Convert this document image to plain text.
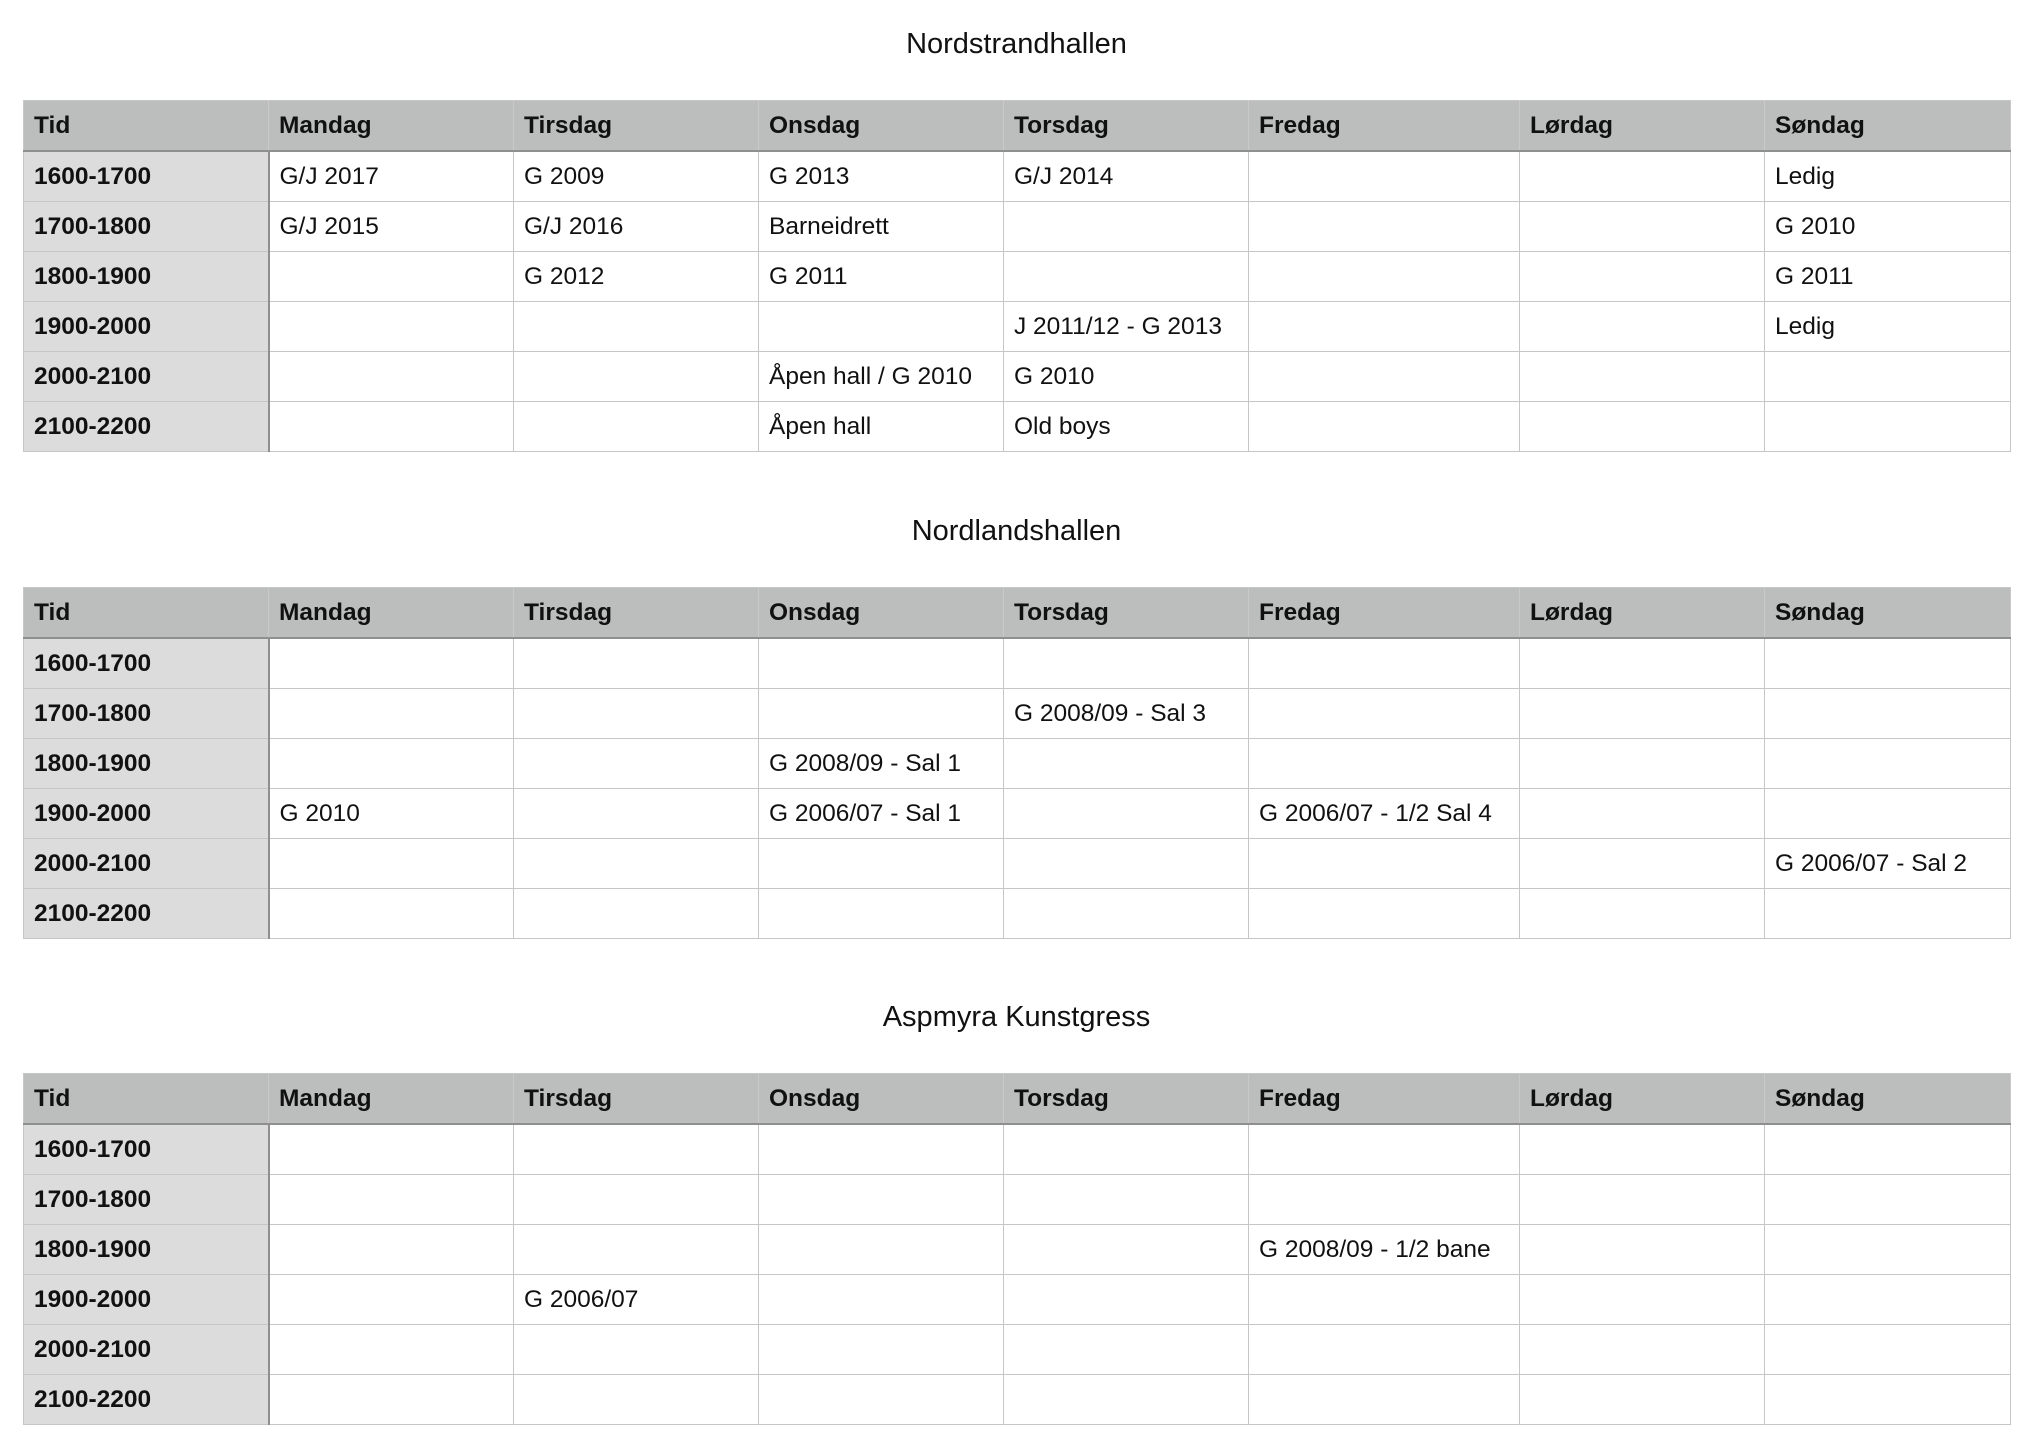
Nordstrandhallen
Tid	Mandag	Tirsdag	Onsdag	Torsdag	Fredag	Lørdag	Søndag
1600-1700	G/J 2017	G 2009	G 2013	G/J 2014			Ledig
1700-1800	G/J 2015	G/J 2016	Barneidrett				G 2010
1800-1900		G 2012	G 2011				G 2011
1900-2000				J 2011/12 - G 2013			Ledig
2000-2100			Åpen hall / G 2010	G 2010			
2100-2200			Åpen hall	Old boys			
Nordlandshallen
Tid	Mandag	Tirsdag	Onsdag	Torsdag	Fredag	Lørdag	Søndag
1600-1700							
1700-1800				G 2008/09 - Sal 3			
1800-1900			G 2008/09 - Sal 1				
1900-2000	G 2010		G 2006/07 - Sal 1		G 2006/07 - 1/2 Sal 4		
2000-2100							G 2006/07 - Sal 2
2100-2200							
Aspmyra Kunstgress
Tid	Mandag	Tirsdag	Onsdag	Torsdag	Fredag	Lørdag	Søndag
1600-1700							
1700-1800							
1800-1900					G 2008/09 - 1/2 bane		
1900-2000		G 2006/07					
2000-2100							
2100-2200							
